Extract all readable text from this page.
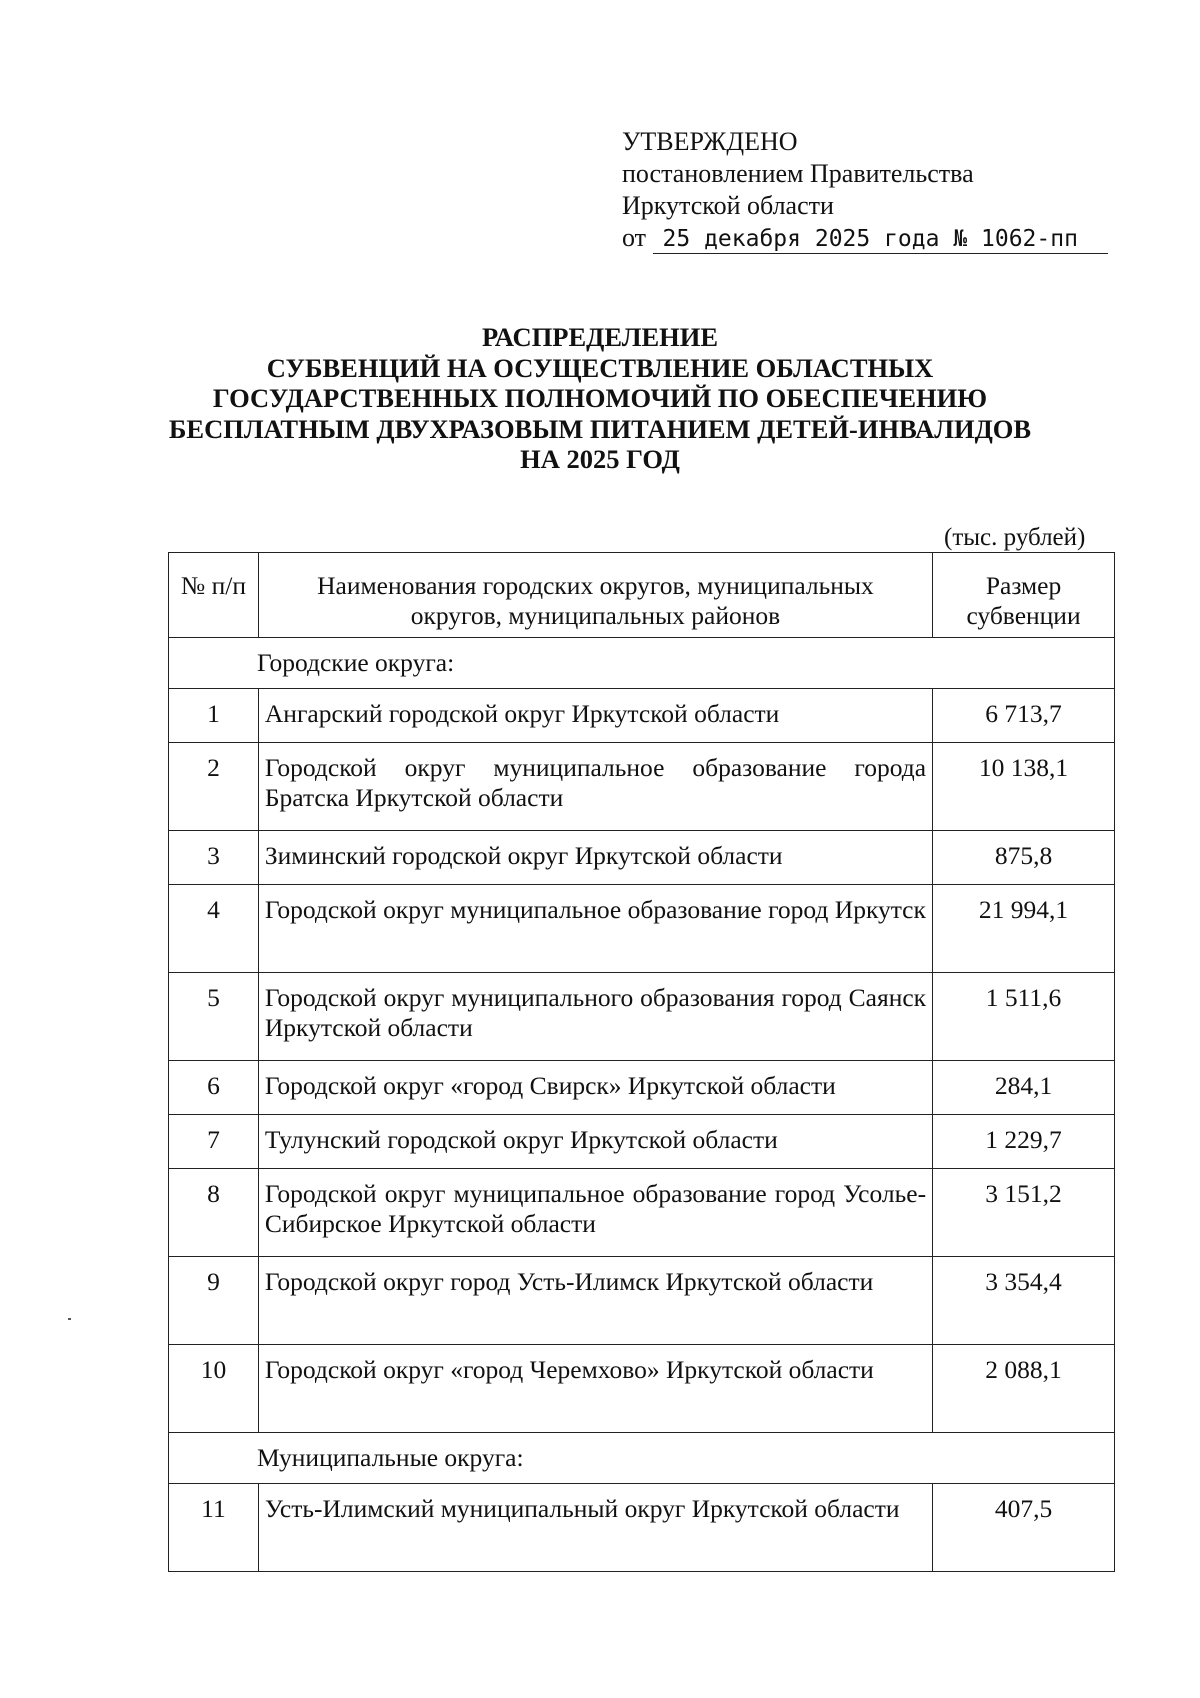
УТВЕРЖДЕНО
постановлением Правительства
Иркутской области
от 25 декабря 2025 года № 1062-пп
РАСПРЕДЕЛЕНИЕ
СУБВЕНЦИЙ НА ОСУЩЕСТВЛЕНИЕ ОБЛАСТНЫХ
ГОСУДАРСТВЕННЫХ ПОЛНОМОЧИЙ ПО ОБЕСПЕЧЕНИЮ
БЕСПЛАТНЫМ ДВУХРАЗОВЫМ ПИТАНИЕМ ДЕТЕЙ-ИНВАЛИДОВ
НА 2025 ГОД
(тыс. рублей)
№ п/п	Наименования городских округов, муниципальных округов, муниципальных районов	Размер субвенции
Городские округа:		
1	Ангарский городской округ Иркутской области	6 713,7
2	Городской округ муниципальное образование города Братска Иркутской области	10 138,1
3	Зиминский городской округ Иркутской области	875,8
4	Городской округ муниципальное образование город Иркутск	21 994,1
5	Городской округ муниципального образования город Саянск Иркутской области	1 511,6
6	Городской округ «город Свирск» Иркутской области	284,1
7	Тулунский городской округ Иркутской области	1 229,7
8	Городской округ муниципальное образование город Усолье-Сибирское Иркутской области	3 151,2
9	Городской округ город Усть-Илимск Иркутской области	3 354,4
10	Городской округ «город Черемхово» Иркутской области	2 088,1
Муниципальные округа:		
11	Усть-Илимский муниципальный округ Иркутской области	407,5
